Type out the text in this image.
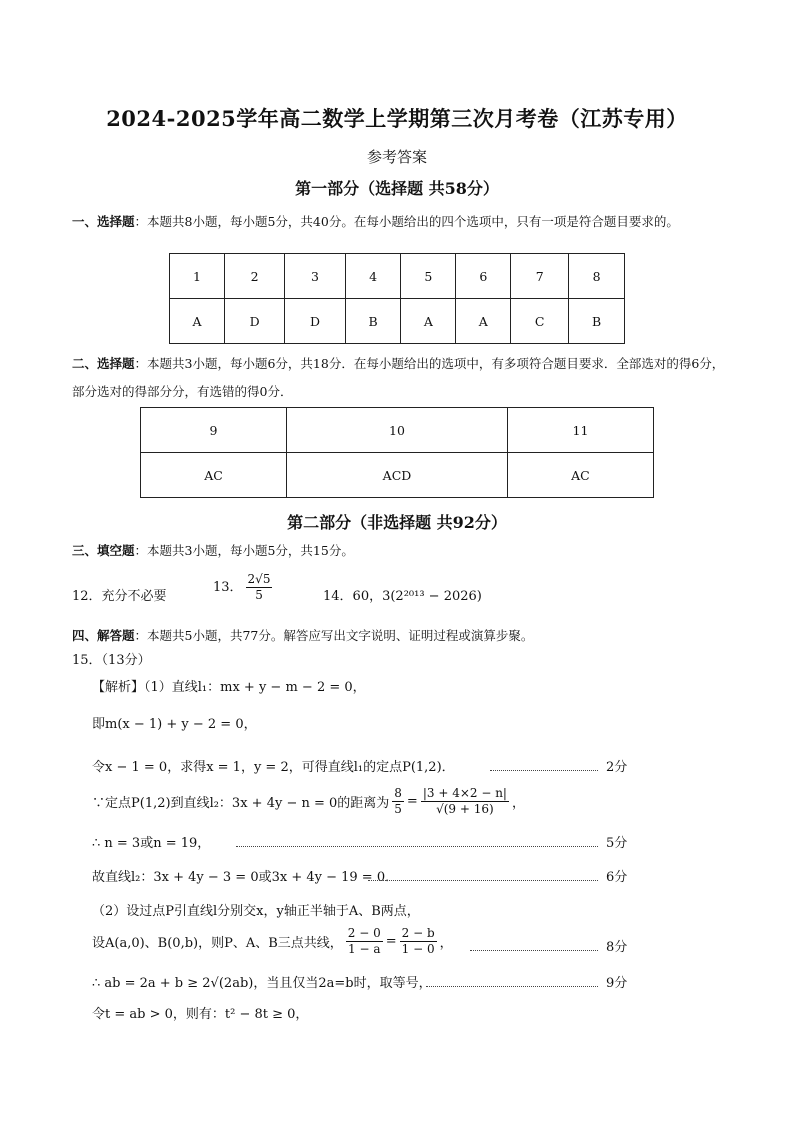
2024-2025学年高二数学上学期第三次月考卷（江苏专用）
参考答案
第一部分（选择题 共58分）
一、选择题：本题共8小题，每小题5分，共40分。在每小题给出的四个选项中，只有一项是符合题目要求的。
1	2	3	4	5	6	7	8
A	D	D	B	A	A	C	B
二、选择题：本题共3小题，每小题6分，共18分．在每小题给出的选项中，有多项符合题目要求．全部选对的得6分，部分选对的得部分分，有选错的得0分．
9	10	11
AC	ACD	AC
第二部分（非选择题 共92分）
三、填空题：本题共3小题，每小题5分，共15分。
12．充分不必要
13． $\frac{2√5}{5}$	14．60，3(2²⁰¹³ − 2026)
四、解答题：本题共5小题，共77分。解答应写出文字说明、证明过程或演算步聚。
15．（13分）
【解析】（1）直线l₁：mx + y − m − 2 = 0，
即m(x − 1) + y − 2 = 0，
令x − 1 = 0，求得x = 1，y = 2，可得直线l₁的定点P(1,2)．	2分
∵定点P(1,2)到直线l₂：3x + 4y − n = 0的距离为 $\frac{8}{5} = \frac{|3 + 4\times 2 - n|}{√(9 + 16)}$ ，
∴ n = 3或n = 19，	5分
故直线l₂：3x + 4y − 3 = 0或3x + 4y − 19 = 0．	6分
（2）设过点P引直线l分别交x，y轴正半轴于A、B两点，
设A(a,0)、B(0,b)，则P、A、B三点共线， $\frac{2 - 0}{1 - a} = \frac{2 - b}{1 - 0}$ ，	8分
∴ ab = 2a + b ≥ 2√(2ab)，当且仅当2a=b时，取等号，	9分
令t = ab > 0，则有：t² − 8t ≥ 0，
